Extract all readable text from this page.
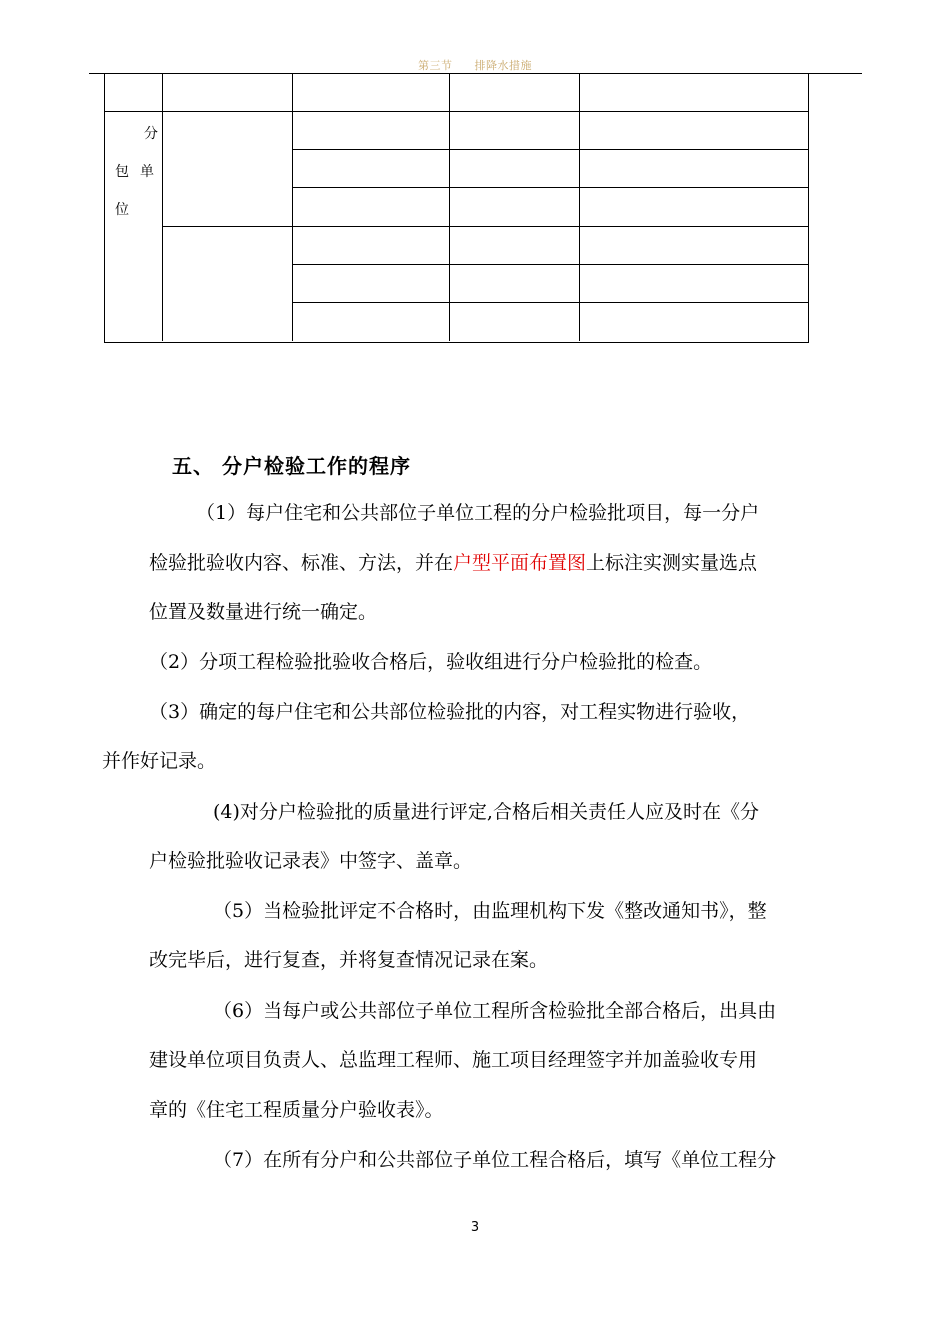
第三节 排降水措施
分
单
包
位
五、 分户检验工作的程序
（1）每户住宅和公共部位子单位工程的分户检验批项目，每一分户
检验批验收内容、标准、方法，并在户型平面布置图上标注实测实量选点
位置及数量进行统一确定。
（2）分项工程检验批验收合格后，验收组进行分户检验批的检查。
（3）确定的每户住宅和公共部位检验批的内容，对工程实物进行验收，
并作好记录。
(4)对分户检验批的质量进行评定,合格后相关责任人应及时在《分
户检验批验收记录表》中签字、盖章。
（5）当检验批评定不合格时，由监理机构下发《整改通知书》，整
改完毕后，进行复查，并将复查情况记录在案。
（6）当每户或公共部位子单位工程所含检验批全部合格后，出具由
建设单位项目负责人、总监理工程师、施工项目经理签字并加盖验收专用
章的《住宅工程质量分户验收表》。
（7）在所有分户和公共部位子单位工程合格后，填写《单位工程分
3
